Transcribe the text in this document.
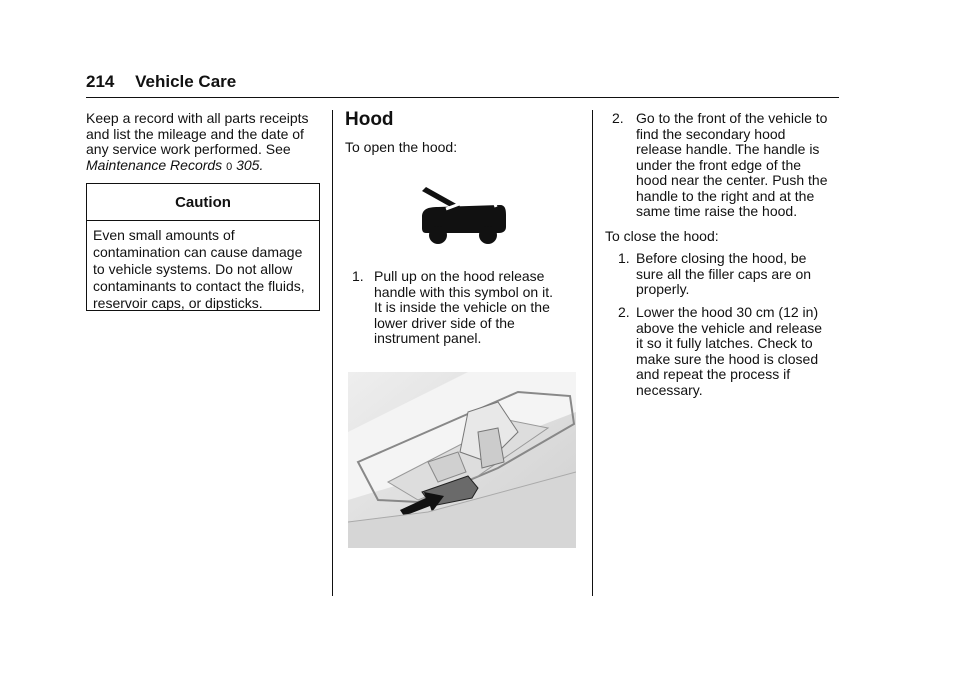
214 Vehicle Care
Keep a record with all parts receipts and list the mileage and the date of any service work performed. See
Maintenance Records 0 305.
Caution
Even small amounts of
contamination can cause damage
to vehicle systems. Do not allow
contaminants to contact the fluids,
reservoir caps, or dipsticks.
Hood
To open the hood:
1. Pull up on the hood release
handle with this symbol on it.
It is inside the vehicle on the
lower driver side of the
instrument panel.
2. Go to the front of the vehicle to
find the secondary hood
release handle. The handle is
under the front edge of the
hood near the center. Push the
handle to the right and at the
same time raise the hood.
To close the hood:
1. Before closing the hood, be
sure all the filler caps are on
properly.
2. Lower the hood 30 cm (12 in)
above the vehicle and release
it so it fully latches. Check to
make sure the hood is closed
and repeat the process if
necessary.
